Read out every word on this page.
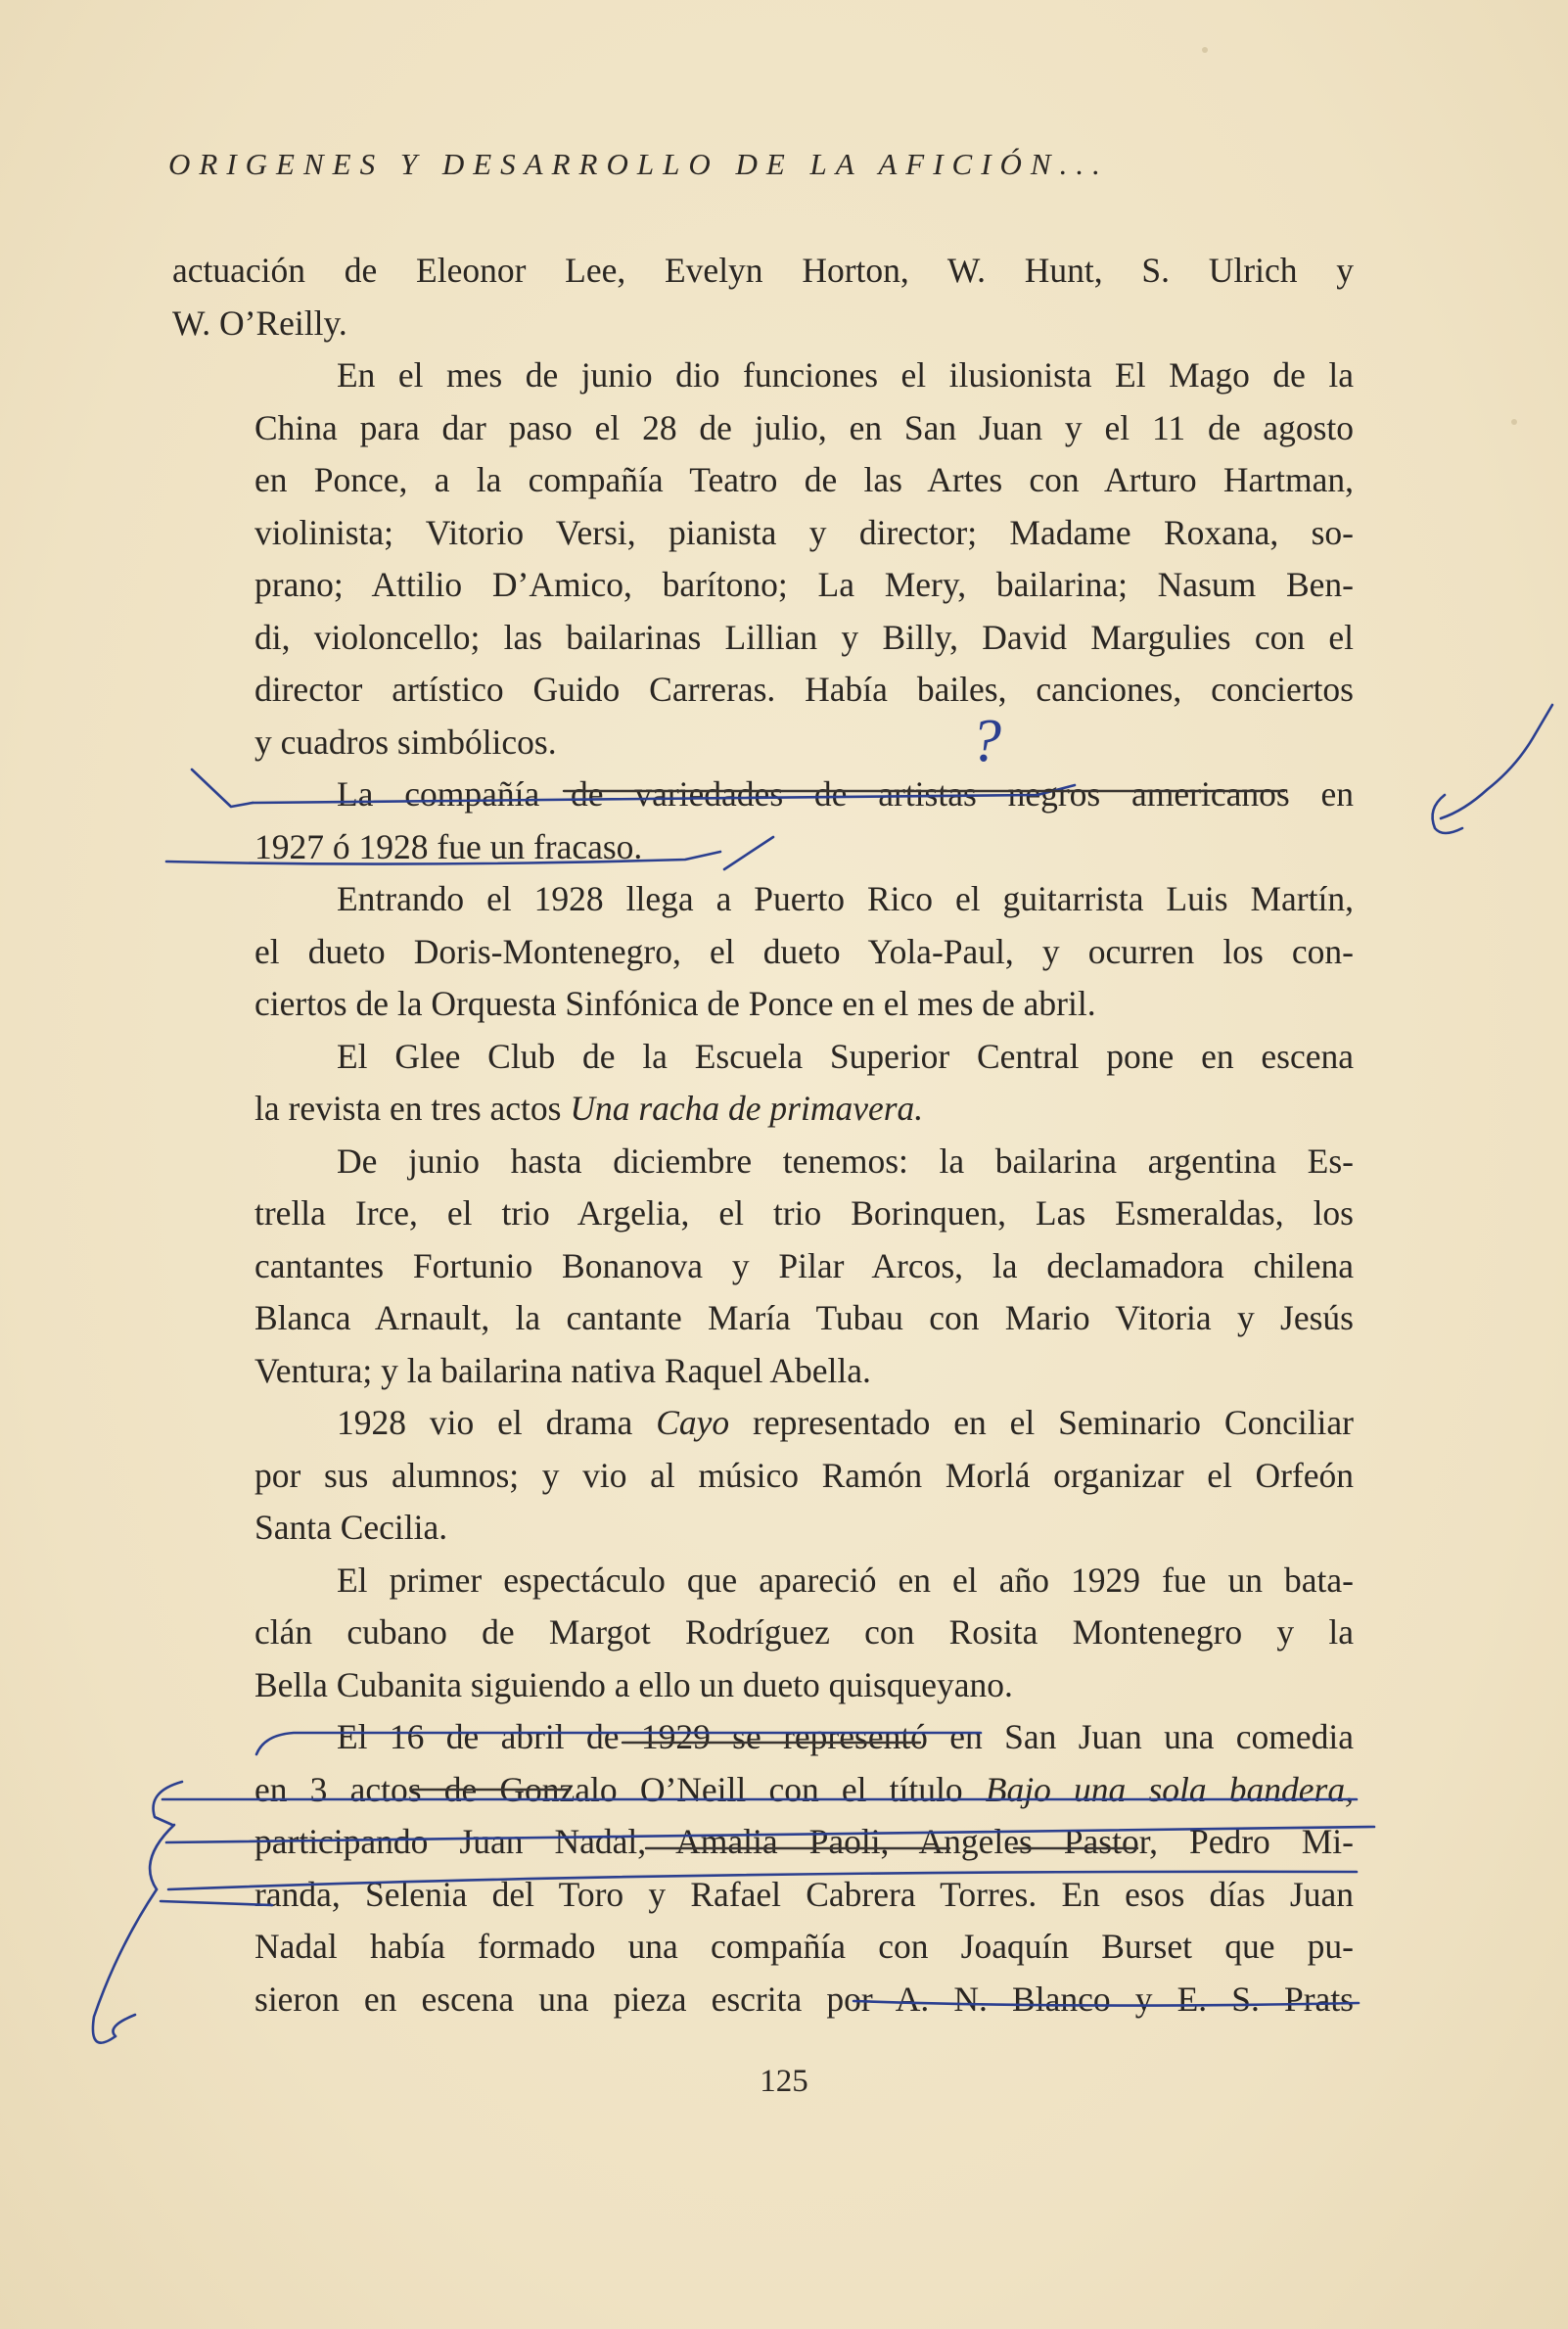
ORIGENES Y DESARROLLO DE LA AFICIÓN...
actuación de Eleonor Lee, Evelyn Horton, W. Hunt, S. Ulrich y
W. O’Reilly.
En el mes de junio dio funciones el ilusionista El Mago de la
China para dar paso el 28 de julio, en San Juan y el 11 de agosto
en Ponce, a la compañía Teatro de las Artes con Arturo Hartman,
violinista; Vitorio Versi, pianista y director; Madame Roxana, so-
prano; Attilio D’Amico, barítono; La Mery, bailarina; Nasum Ben-
di, violoncello; las bailarinas Lillian y Billy, David Margulies con el
director artístico Guido Carreras. Había bailes, canciones, conciertos
y cuadros simbólicos.
La compañía de variedades de artistas negros americanos en
1927 ó 1928 fue un fracaso.
Entrando el 1928 llega a Puerto Rico el guitarrista Luis Martín,
el dueto Doris-Montenegro, el dueto Yola-Paul, y ocurren los con-
ciertos de la Orquesta Sinfónica de Ponce en el mes de abril.
El Glee Club de la Escuela Superior Central pone en escena
la revista en tres actos Una racha de primavera.
De junio hasta diciembre tenemos: la bailarina argentina Es-
trella Irce, el trio Argelia, el trio Borinquen, Las Esmeraldas, los
cantantes Fortunio Bonanova y Pilar Arcos, la declamadora chilena
Blanca Arnault, la cantante María Tubau con Mario Vitoria y Jesús
Ventura; y la bailarina nativa Raquel Abella.
1928 vio el drama Cayo representado en el Seminario Conciliar
por sus alumnos; y vio al músico Ramón Morlá organizar el Orfeón
Santa Cecilia.
El primer espectáculo que apareció en el año 1929 fue un bata-
clán cubano de Margot Rodríguez con Rosita Montenegro y la
Bella Cubanita siguiendo a ello un dueto quisqueyano.
El 16 de abril de 1929 se representó en San Juan una comedia
en 3 actos de Gonzalo O’Neill con el título Bajo una sola bandera,
participando Juan Nadal, Amalia Paoli, Angeles Pastor, Pedro Mi-
randa, Selenia del Toro y Rafael Cabrera Torres. En esos días Juan
Nadal había formado una compañía con Joaquín Burset que pu-
sieron en escena una pieza escrita por A. N. Blanco y E. S. Prats
125
?
